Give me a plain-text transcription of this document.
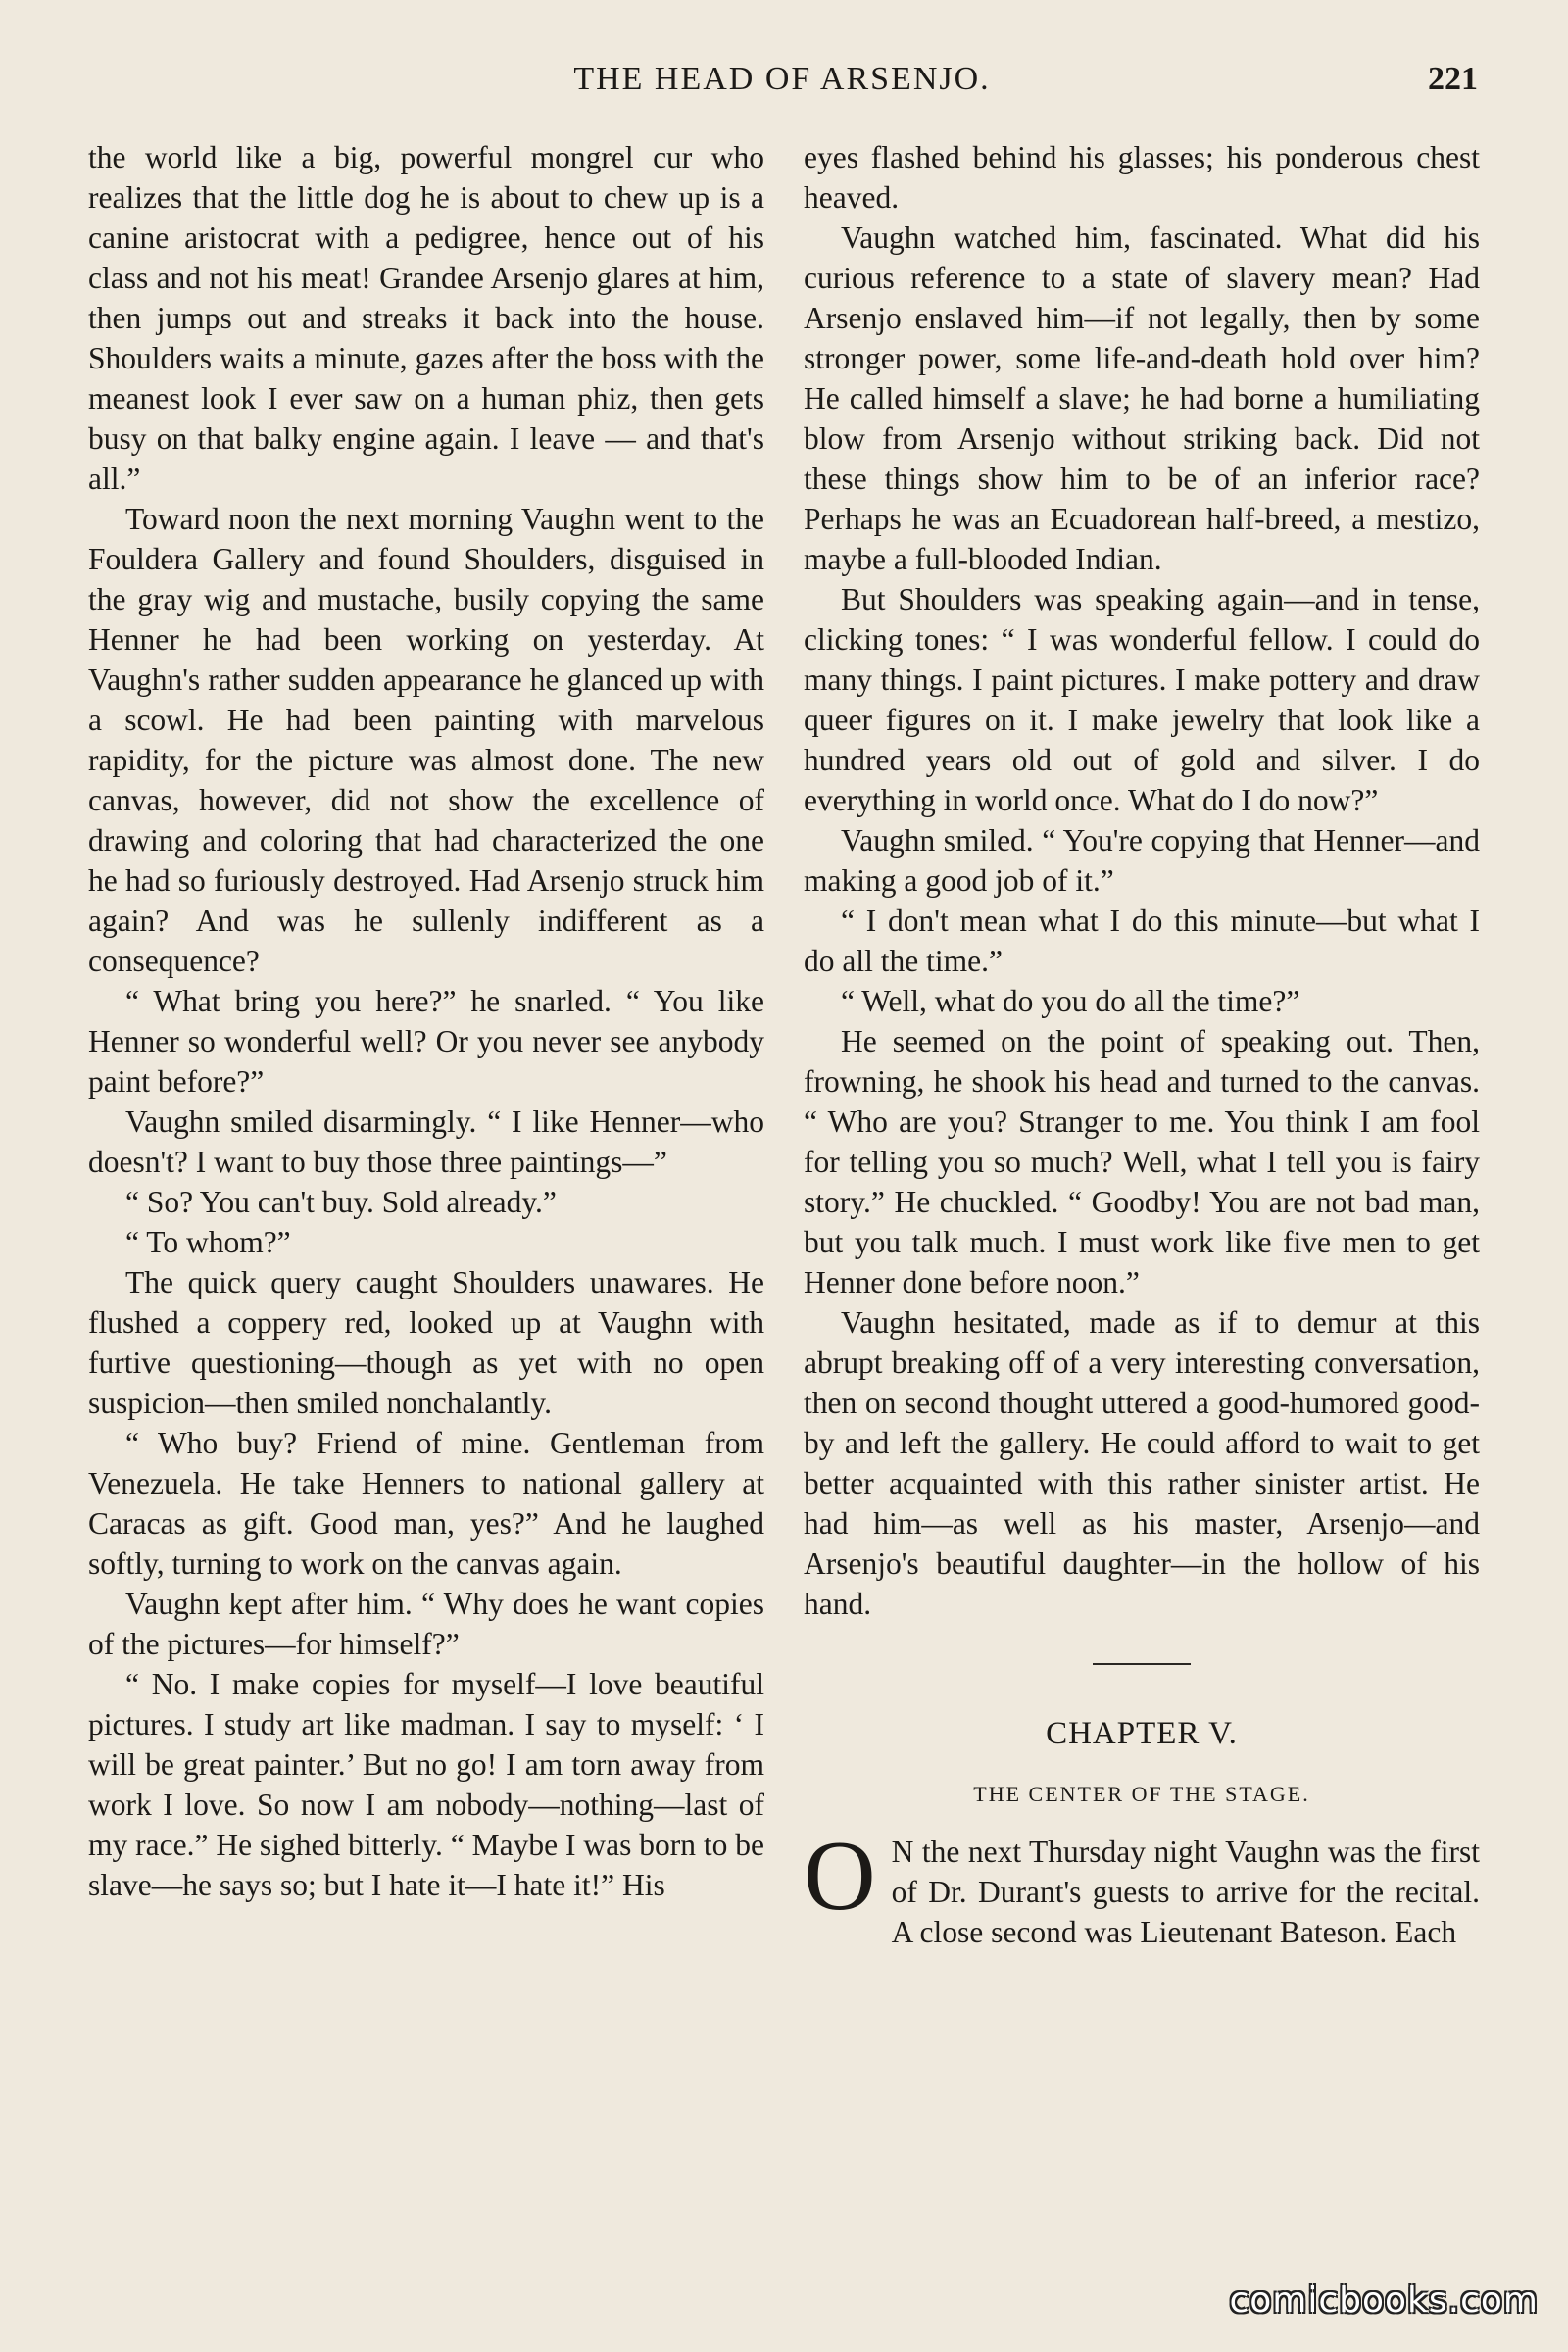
THE HEAD OF ARSENJO.	221

the world like a big, powerful mongrel cur who realizes that the little dog he is about to chew up is a canine aristocrat with a pedigree, hence out of his class and not his meat! Grandee Arsenjo glares at him, then jumps out and streaks it back into the house. Shoulders waits a minute, gazes after the boss with the meanest look I ever saw on a human phiz, then gets busy on that balky engine again. I leave — and that's all.”

Toward noon the next morning Vaughn went to the Fouldera Gallery and found Shoulders, disguised in the gray wig and mustache, busily copying the same Henner he had been working on yesterday. At Vaughn's rather sudden appearance he glanced up with a scowl. He had been painting with marvelous rapidity, for the picture was almost done. The new canvas, however, did not show the excellence of drawing and coloring that had characterized the one he had so furiously destroyed. Had Arsenjo struck him again? And was he sullenly indifferent as a consequence?

“ What bring you here?” he snarled. “ You like Henner so wonderful well? Or you never see anybody paint before?”

Vaughn smiled disarmingly. “ I like Henner—who doesn't? I want to buy those three paintings—”

“ So? You can't buy. Sold already.”

“ To whom?”

The quick query caught Shoulders unawares. He flushed a coppery red, looked up at Vaughn with furtive questioning—though as yet with no open suspicion—then smiled nonchalantly.

“ Who buy? Friend of mine. Gentleman from Venezuela. He take Henners to national gallery at Caracas as gift. Good man, yes?” And he laughed softly, turning to work on the canvas again.

Vaughn kept after him. “ Why does he want copies of the pictures—for himself?”

“ No. I make copies for myself—I love beautiful pictures. I study art like madman. I say to myself: ‘ I will be great painter.’ But no go! I am torn away from work I love. So now I am nobody—nothing—last of my race.” He sighed bitterly. “ Maybe I was born to be slave—he says so; but I hate it—I hate it!” His

eyes flashed behind his glasses; his ponderous chest heaved.

Vaughn watched him, fascinated. What did his curious reference to a state of slavery mean? Had Arsenjo enslaved him—if not legally, then by some stronger power, some life-and-death hold over him? He called himself a slave; he had borne a humiliating blow from Arsenjo without striking back. Did not these things show him to be of an inferior race? Perhaps he was an Ecuadorean half-breed, a mestizo, maybe a full-blooded Indian.

But Shoulders was speaking again—and in tense, clicking tones: “ I was wonderful fellow. I could do many things. I paint pictures. I make pottery and draw queer figures on it. I make jewelry that look like a hundred years old out of gold and silver. I do everything in world once. What do I do now?”

Vaughn smiled. “ You're copying that Henner—and making a good job of it.”

“ I don't mean what I do this minute—but what I do all the time.”

“ Well, what do you do all the time?”

He seemed on the point of speaking out. Then, frowning, he shook his head and turned to the canvas. “ Who are you? Stranger to me. You think I am fool for telling you so much? Well, what I tell you is fairy story.” He chuckled. “ Goodby! You are not bad man, but you talk much. I must work like five men to get Henner done before noon.”

Vaughn hesitated, made as if to demur at this abrupt breaking off of a very interesting conversation, then on second thought uttered a good-humored good-by and left the gallery. He could afford to wait to get better acquainted with this rather sinister artist. He had him—as well as his master, Arsenjo—and Arsenjo's beautiful daughter—in the hollow of his hand.

CHAPTER V.
THE CENTER OF THE STAGE.

O N the next Thursday night Vaughn was the first of Dr. Durant's guests to arrive for the recital. A close second was Lieutenant Bateson. Each

comicbooks.com
